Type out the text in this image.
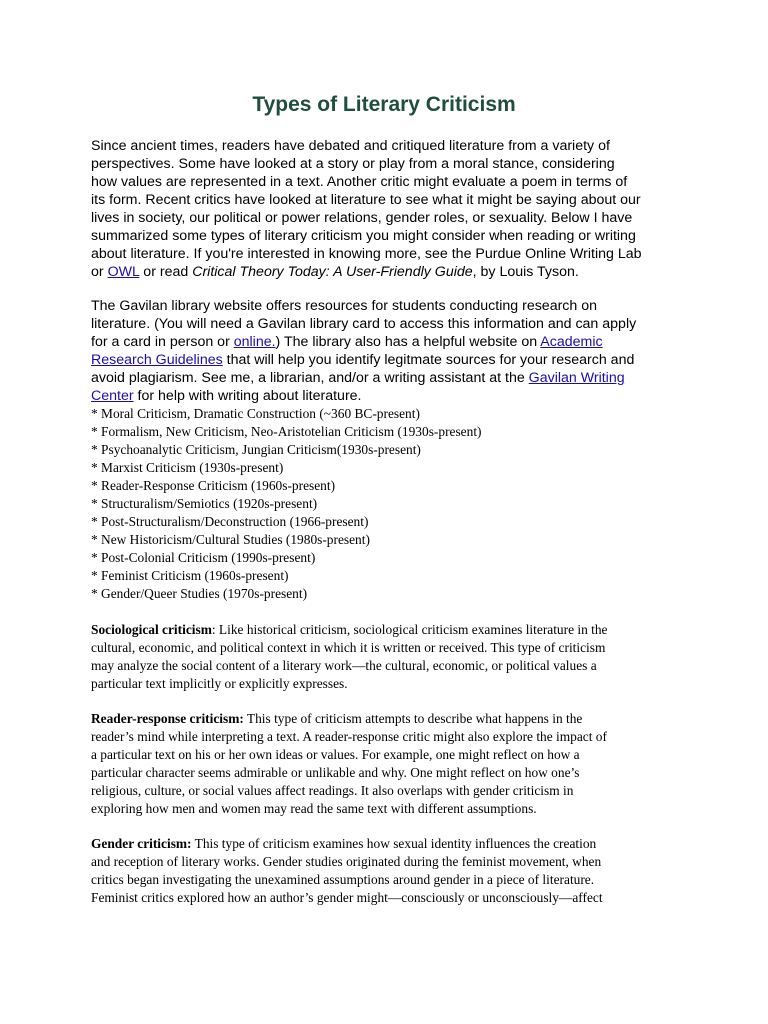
Types of Literary Criticism

Since ancient times, readers have debated and critiqued literature from a variety of
perspectives. Some have looked at a story or play from a moral stance, considering
how values are represented in a text. Another critic might evaluate a poem in terms of
its form. Recent critics have looked at literature to see what it might be saying about our
lives in society, our political or power relations, gender roles, or sexuality. Below I have
summarized some types of literary criticism you might consider when reading or writing
about literature. If you're interested in knowing more, see the Purdue Online Writing Lab
or OWL or read Critical Theory Today: A User-Friendly Guide, by Louis Tyson.

The Gavilan library website offers resources for students conducting research on
literature. (You will need a Gavilan library card to access this information and can apply
for a card in person or online.) The library also has a helpful website on Academic
Research Guidelines that will help you identify legitmate sources for your research and
avoid plagiarism. See me, a librarian, and/or a writing assistant at the Gavilan Writing
Center for help with writing about literature.

* Moral Criticism, Dramatic Construction (~360 BC-present)
* Formalism, New Criticism, Neo-Aristotelian Criticism (1930s-present)
* Psychoanalytic Criticism, Jungian Criticism(1930s-present)
* Marxist Criticism (1930s-present)
* Reader-Response Criticism (1960s-present)
* Structuralism/Semiotics (1920s-present)
* Post-Structuralism/Deconstruction (1966-present)
* New Historicism/Cultural Studies (1980s-present)
* Post-Colonial Criticism (1990s-present)
* Feminist Criticism (1960s-present)
* Gender/Queer Studies (1970s-present)

Sociological criticism: Like historical criticism, sociological criticism examines literature in the
cultural, economic, and political context in which it is written or received. This type of criticism
may analyze the social content of a literary work—the cultural, economic, or political values a
particular text implicitly or explicitly expresses.

Reader-response criticism: This type of criticism attempts to describe what happens in the
reader’s mind while interpreting a text. A reader-response critic might also explore the impact of
a particular text on his or her own ideas or values. For example, one might reflect on how a
particular character seems admirable or unlikable and why. One might reflect on how one’s
religious, culture, or social values affect readings. It also overlaps with gender criticism in
exploring how men and women may read the same text with different assumptions.

Gender criticism: This type of criticism examines how sexual identity influences the creation
and reception of literary works. Gender studies originated during the feminist movement, when
critics began investigating the unexamined assumptions around gender in a piece of literature.
Feminist critics explored how an author’s gender might—consciously or unconsciously—affect
